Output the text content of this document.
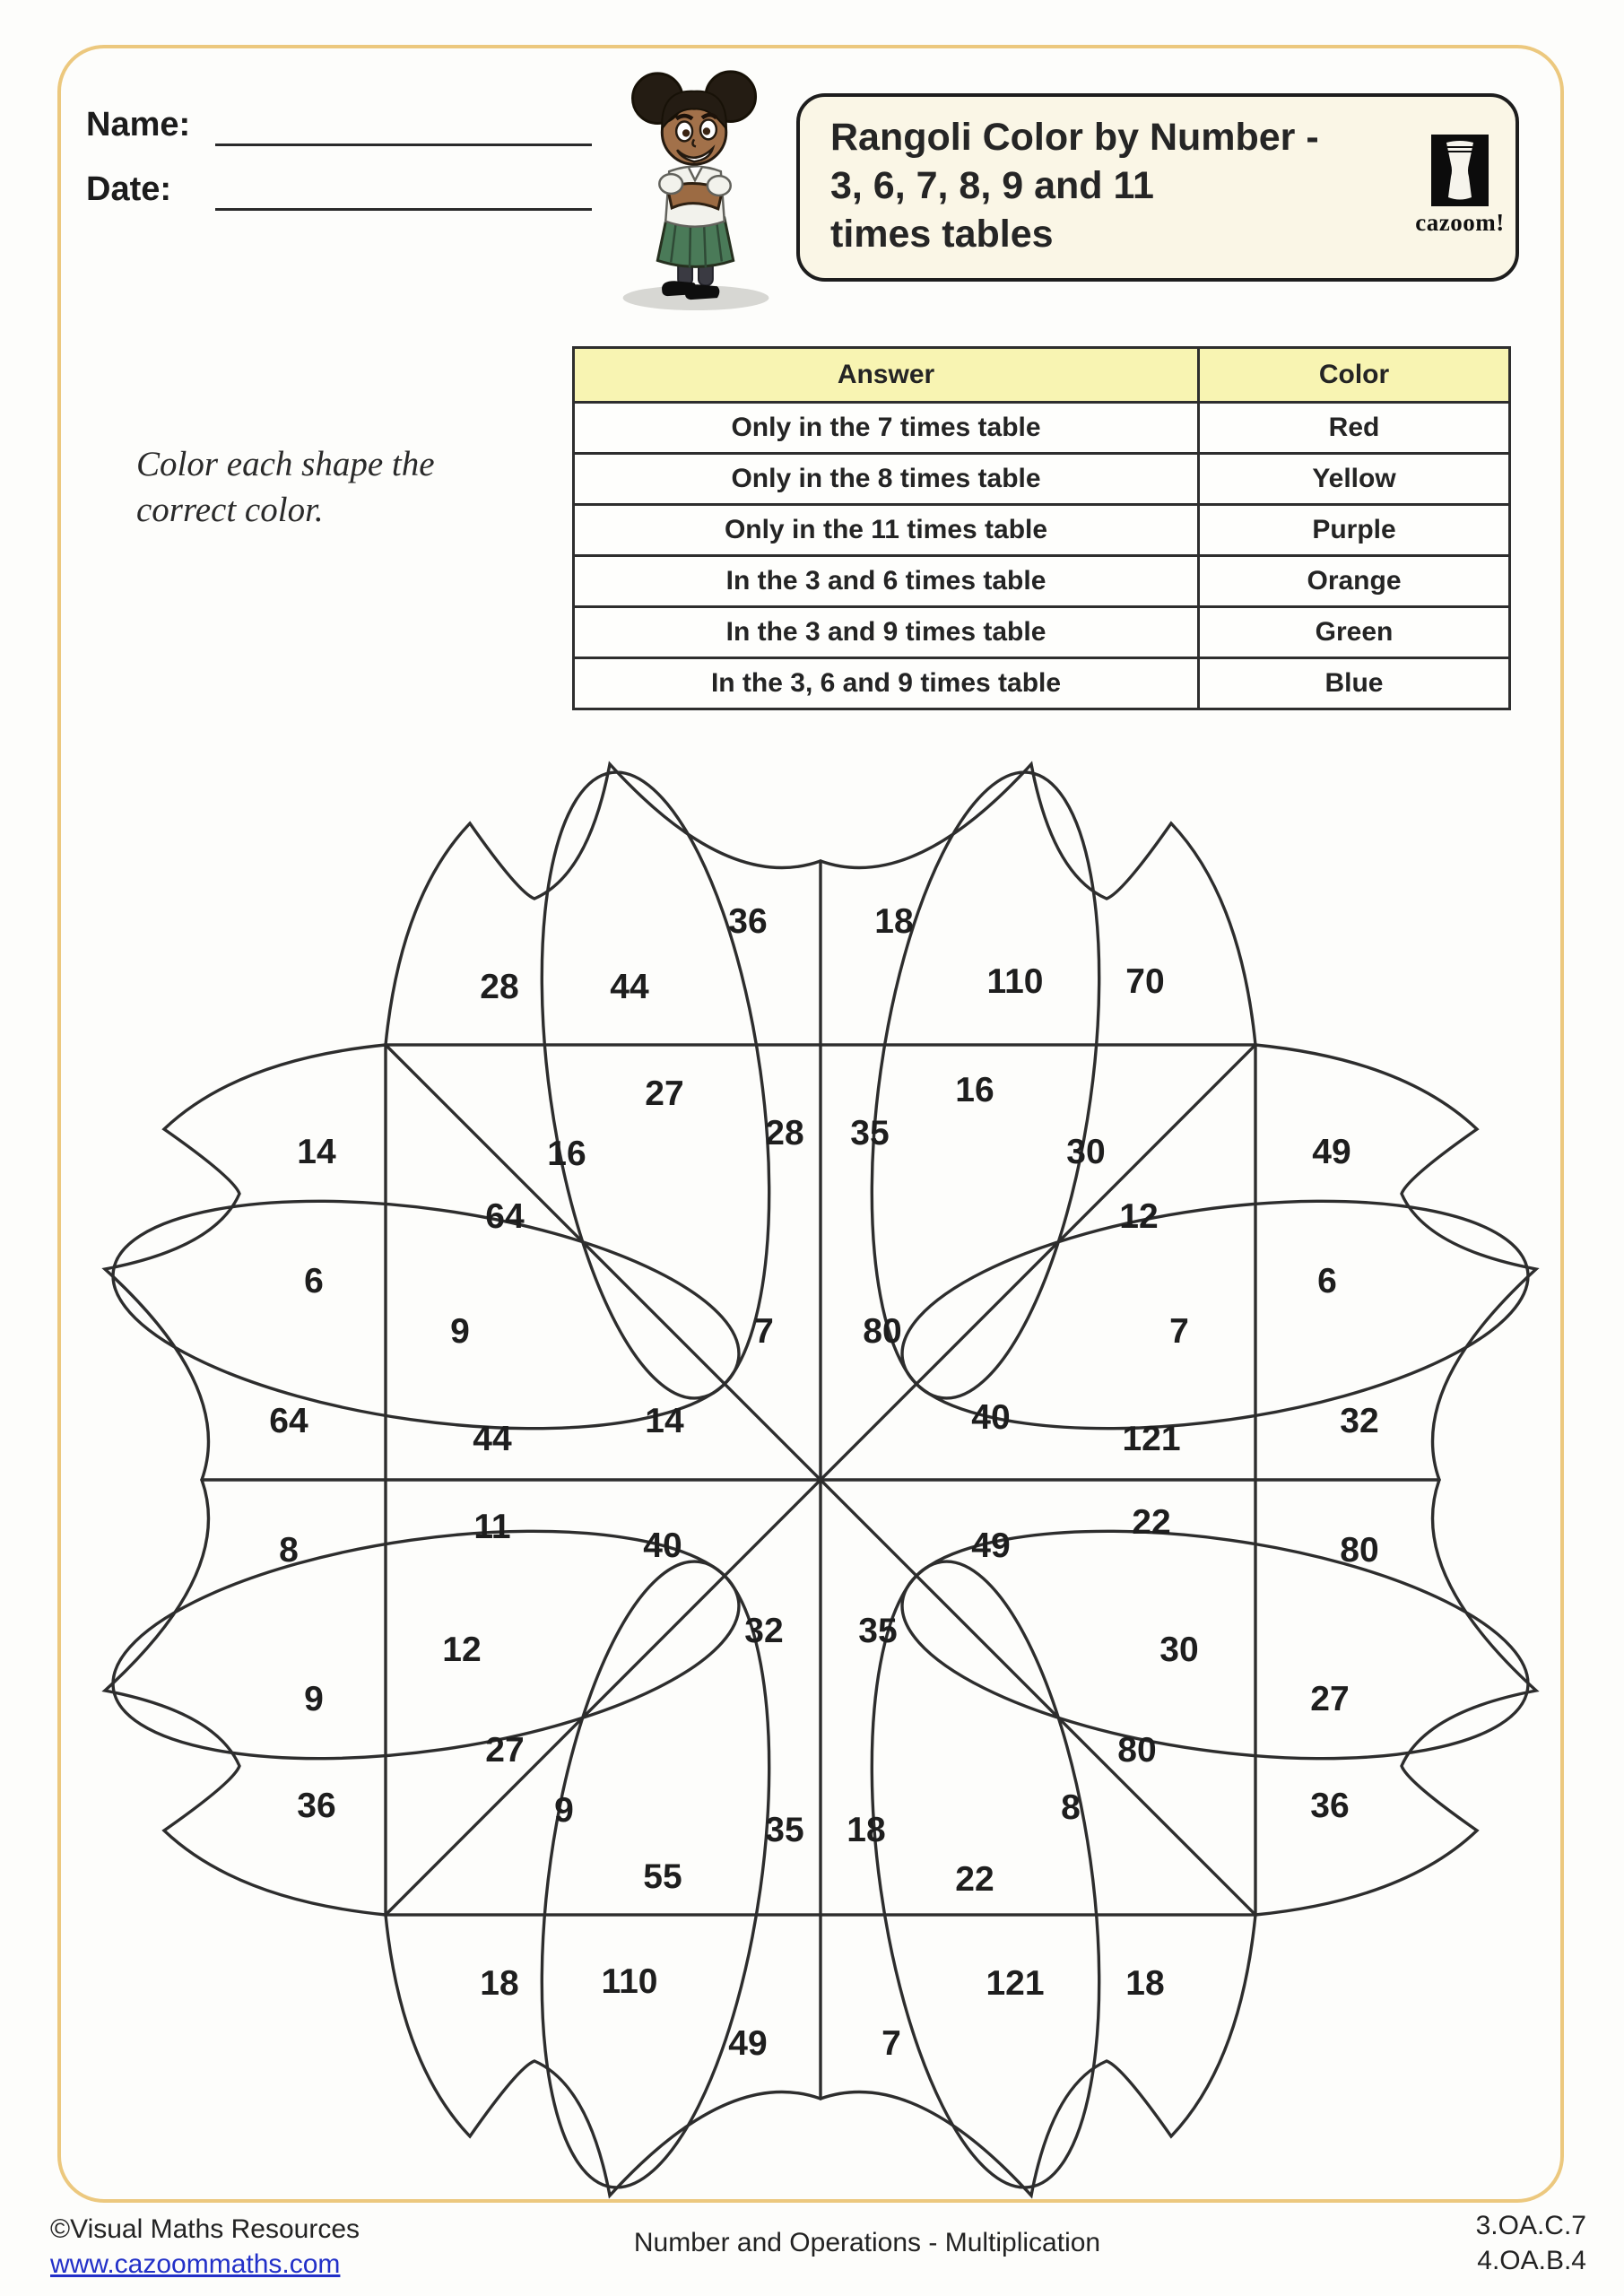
Name:
Date:
Rangoli Color by Number -
3, 6, 7, 8, 9 and 11
times tables	cazoom!
Color each shape the
correct color.
Answer	Color
Only in the 7 times table	Red
Only in the 8 times table	Yellow
Only in the 11 times table	Purple
In the 3 and 6 times table	Orange
In the 3 and 9 times table	Green
In the 3, 6 and 9 times table	Blue
36	18
28	44	110 70
27	16
28 35
14	49
16	30
64	12
6	6
9	7
7	80
64	44	14	40
121	32
8
11	40	49
22
80
12	30
9	27
32 35
27	80
9	8
36	36
55	22
35 18
18 110	121 18
49	7
©Visual Maths Resources
www.cazoommaths.com
Number and Operations - Multiplication
3.OA.C.7
4.OA.B.4
